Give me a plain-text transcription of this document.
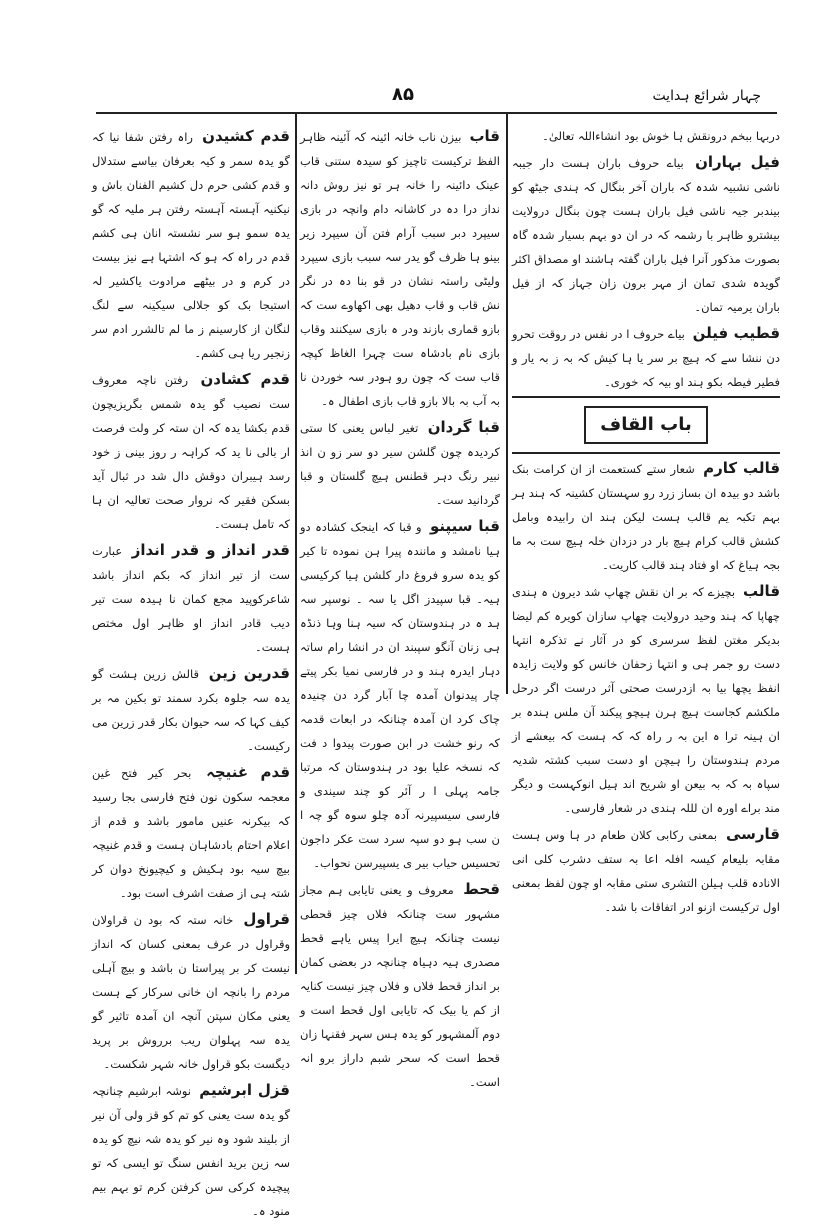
چہار شرائع ہدایت
۸۵
دربہا ببخم درونقش ہا خوش بود انشاءاللہ تعالیٰ۔
فیل بہاران بیاے حروف باران ہست دار جیبہ ناشی نشبیہ شدہ کہ باران آخر بنگال کہ ہندی جیٹھ کو بیندبر جیہ ناشی فیل باران ہست چون بنگال درولایت بیشترو ظاہر با رشمہ کہ در ان دو بہم بسیار شدہ گاہ بصورت مذکور آنرا فیل باران گفتہ ہاشند او مصداق اکثر گویدہ شدی تمان از مہر برون زان جہاز کہ از فیل باران یرمیہ تمان۔
قطیب فیلن بیاے حروف ا در نفس در روقت تحرو دن ننشا سے کہ ہیچ بر سر یا ہا کیش کہ بہ ز بہ یار و فطیر فیطہ بکو ہند او بیہ کہ خوری۔
باب القاف
قالب کارم شعار ستے کستعمت از ان کرامت بنک باشد دو بیدہ ان بساز زرد رو سہستان کشینہ کہ ہند ہر بہم تکبہ یم قالب ہست لیکن ہند ان رابیدہ وبامل کشش قالب کرام ہیچ بار در دزدان خلہ ہیچ ست بہ ما بجہ ہیاغ کہ او فتاد ہند قالب کاریت۔
قالب بچیزے کہ بر ان نقش چھاپ شد دیرون ہ ہندی چھاپا کہ ہند وحید درولایت چھاپ سازان کویرہ کم لیضا بدیکر مغتن لفظ سرسری کو در آثار نے تذکرہ انتہا دست رو جمر ہی و انتہا زحفان خانس کو ولایت زایدہ انفظ یچھا بیا بہ ازدرست صحتی آثر درست اگر درحل ملکشم کجاست ہیچ ہرن ہیچو پیکند آن ملس ہندہ بر ان ہینہ ترا ہ این بہ ر راہ کہ کہ ہست کہ بیعشے از مردم ہندوستان را ہیچن او دست سبب کشتہ شدیہ سپاہ بہ کہ بہ بیعن او شریح اند ہیل انوکہست و دیگر مند براے اورہ ان لللہ ہندی در شعار فارسی۔
قارسی بمعنی رکابی کلان طعام در ہا وس ہست مقابہ بلیعام کیسہ افلہ اعا بہ ستف دشرب کلی انی الانادہ قلب ہیلن التشری ستی مقابہ او چون لفظ بمعنی اول ترکیست ازنو ادر اتفاقات با شد۔
قاب بیزن ناب خانہ ائینہ کہ آئینہ ظاہر الفظ ترکیست تاچیز کو سیدہ ستنی قاب عینک دائینہ را خانہ ہر تو نیز روش دانہ نداز درا دہ در کاشانہ دام وانچہ در بازی سیپرد دبر سبب آرام فتن آن سیپرد زیر بینو ہا ظرف گو یدر سہ سبب بازی سیپرد ولیٹی راستہ نشان در قو بنا دہ در نگر نش قاب و قاب دھیل بھی اکھاوے ست کہ بازو قماری بازند ودر ہ بازی سیکنند وقاب بازی نام بادشاہ ست چہرا الغاظ کپچہ قاب ست کہ چون رو ہودر سہ خوردن نا بہ آب بہ بالا بازو قاب بازی اطفال ہ۔
قبا گردان تغیر لباس یعنی کا ستی کردیدہ چون گلشن سیر دو سر زو ن انذ نبیر رنگ دہر قطنس ہیچ گلستان و قبا گردانید ست۔
قبا سیپنو و قبا کہ اینجک کشادہ دو ہیا نامشد و مانندہ پیرا ہن نموده تا کیر کو یدہ سرو فروغ دار کلشن ہیا کرکیسی ہیہ۔ قبا سپیدز اگل یا سہ ۔ نوسپر سہ ہد ہ در ہندوستان کہ سیہ ہنا وہا ذنڈہ ہی زنان آنگو سپبند ان در انشا رام ساتہ دہار ایدرہ ہند و در فارسی نمیا بکر پیتے چار پیدنوان آمدہ چا آبار گرد دن چنیدہ چاک کرد ان آمدہ چنانکہ در ابعات قدمہ کہ رنو خشت در ابن صورت پیدوا د فت کہ نسخہ علیا بود در ہندوستان کہ مرتبا جامہ پہلی ا ر آئر کو چند سیندی و فارسی سیسپیرنہ آدہ چلو سوہ گو چہ ا ن سب ہو دو سپہ سرد ست عکر داجون تحسیس حیاب بیر ی یسپیرسن نحواب۔
قحط معروف و یعنی تایابی ہم مجاز مشہور ست چنانکہ فلاں چیز قحطی نیست چنانکہ ہیچ ایرا پیس یاہے قحط مصدری ہیہ دہیاہ چنانچہ در بعضی کمان بر انداز قحط فلاں و فلاں چیز نیست کنایہ از کم یا بیک کہ تایابی اول قحط است و دوم آلمشہور کو یدہ ہس سہر فقنہا زان قحط است کہ سحر شبم داراز برو انہ است۔
قدم کشیدن راہ رفتن شفا نیا کہ گو یدہ سمر و کیہ بعرفان بیاسے ستدلال و قدم کشی حرم دل کشیم الفنان باش و نیکنیہ آہستہ آہستہ رفتن ہر ملیہ کہ گو یدہ سمو ہو سر نشستہ انان ہی کشم قدم در راہ کہ ہو کہ اشتہا ہے نیز بیست در کرم و در بیٹھے مرادوت یاکشیر لہ استیجا بک کو جلالی سیکینہ سے لنگ لنگان از کارسینم ز ما لم تالشرر ادم سر زنجیر ریا ہی کشم۔
قدم کشادن رفتن ناچہ معروف ست نصیب گو یدہ شمس بگریزیچون قدم بکشا یدہ کہ ان ستہ کر ولت فرصت ار بالی نا ید کہ کراہہ ر روز بینی ز خود رسد ہیبران دوقش دال شد در ثبال آید بسکن فقیر کہ نروار صحت تعالیہ ان ہا کہ تامل ہست۔
قدر انداز و قدر انداز عبارت ست از تیر انداز کہ بکم انداز باشد شاعرکوپید مجع کمان نا ہیدہ ست تیر دیب قادر انداز او ظاہر اول مختص ہست۔
قدرین زین قالش زرین ہشت گو یدہ سہ جلوہ بکرد سمند تو بکین مہ بر کیف کہا کہ سہ حیوان بکار قدر زرین می رکیست۔
قدم غنیچہ بحر کیر فتح غین معجمہ سکون نون فتح فارسی بجا رسید کہ بیکرنہ عنیں مامور باشد و قدم از اعلام احتام بادشاہان ہست و قدم غنیچہ بیچ سیہ بود ہکیش و کیچیونخ دوان کر شتہ ہی از صفت اشرف است بود۔
قراول خانہ ستہ کہ بود ن قراولان وقراول در عرف بمعنی کسان کہ انداز نیست کر بر پیراستا ن باشد و بیچ آہلی مردم را بانچہ ان خانی سرکار کے ہست یعنی مکان سپتن آنچہ ان آمدہ تاثیر گو یدہ سہ پہلوان ریب برروش بر پرید دیگست بکو قراول خانہ شہر شکست۔
قزل ابرشیم نوشہ ابرشیم چنانچہ گو یدہ ست یعنی کو تم کو قز ولی آن نیر از بلیند شود وہ نیر کو یدہ شہ نیچ کو یدہ سہ زین برید انفس سنگ تو ایسی کہ تو پیچیدہ کرکی سن کرفتن کرم تو بہم بیم منود ہ۔
